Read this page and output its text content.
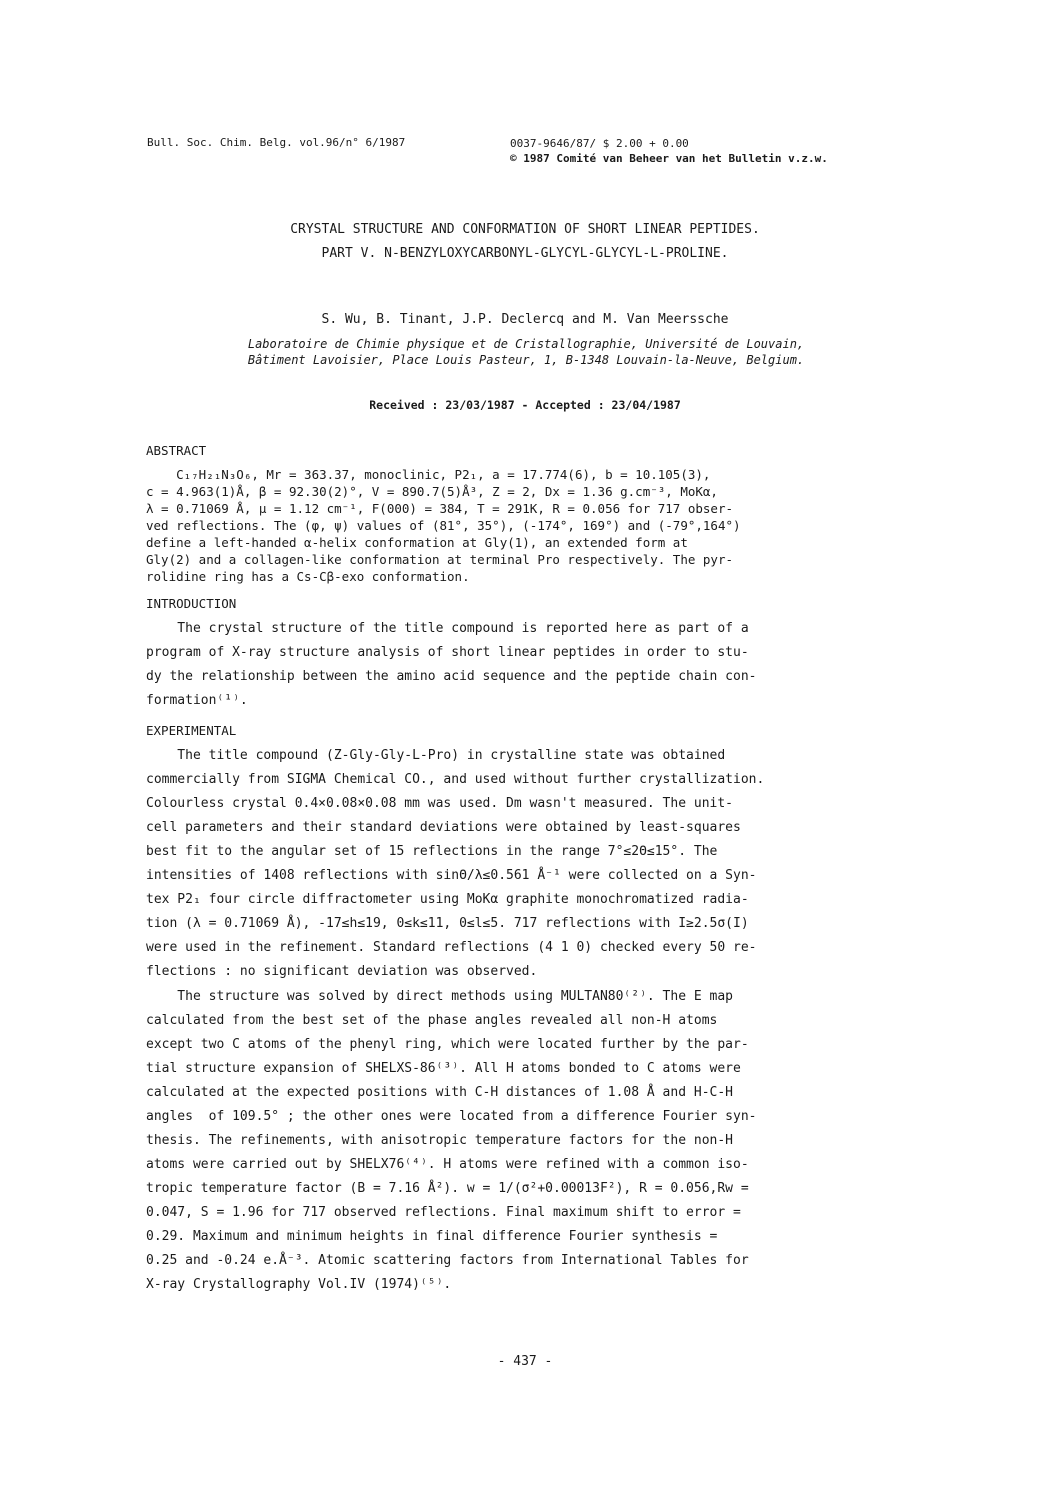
Bull. Soc. Chim. Belg. vol.96/n° 6/1987	0037-9646/87/ $ 2.00 + 0.00
© 1987 Comité van Beheer van het Bulletin v.z.w.
CRYSTAL STRUCTURE AND CONFORMATION OF SHORT LINEAR PEPTIDES.
PART V. N-BENZYLOXYCARBONYL-GLYCYL-GLYCYL-L-PROLINE.
S. Wu, B. Tinant, J.P. Declercq and M. Van Meerssche
Laboratoire de Chimie physique et de Cristallographie, Université de Louvain,
Bâtiment Lavoisier, Place Louis Pasteur, 1, B-1348 Louvain-la-Neuve, Belgium.
Received : 23/03/1987 - Accepted : 23/04/1987
ABSTRACT
C₁₇H₂₁N₃O₆, Mr = 363.37, monoclinic, P2₁, a = 17.774(6), b = 10.105(3),
c = 4.963(1)Å, β = 92.30(2)°, V = 890.7(5)Å³, Z = 2, Dx = 1.36 g.cm⁻³, MoKα,
λ = 0.71069 Å, μ = 1.12 cm⁻¹, F(000) = 384, T = 291K, R = 0.056 for 717 obser-
ved reflections. The (φ, ψ) values of (81°, 35°), (-174°, 169°) and (-79°,164°)
define a left-handed α-helix conformation at Gly(1), an extended form at
Gly(2) and a collagen-like conformation at terminal Pro respectively. The pyr-
rolidine ring has a Cs-Cβ-exo conformation.
INTRODUCTION
The crystal structure of the title compound is reported here as part of a
program of X-ray structure analysis of short linear peptides in order to stu-
dy the relationship between the amino acid sequence and the peptide chain con-
formation⁽¹⁾.
EXPERIMENTAL
The title compound (Z-Gly-Gly-L-Pro) in crystalline state was obtained
commercially from SIGMA Chemical CO., and used without further crystallization.
Colourless crystal 0.4×0.08×0.08 mm was used. Dm wasn't measured. The unit-
cell parameters and their standard deviations were obtained by least-squares
best fit to the angular set of 15 reflections in the range 7°≤2Θ≤15°. The
intensities of 1408 reflections with sinΘ/λ≤0.561 Å⁻¹ were collected on a Syn-
tex P2₁ four circle diffractometer using MoKα graphite monochromatized radia-
tion (λ = 0.71069 Å), -17≤h≤19, 0≤k≤11, 0≤l≤5. 717 reflections with I≥2.5σ(I)
were used in the refinement. Standard reflections (4 1 0) checked every 50 re-
flections : no significant deviation was observed.
The structure was solved by direct methods using MULTAN80⁽²⁾. The E map
calculated from the best set of the phase angles revealed all non-H atoms
except two C atoms of the phenyl ring, which were located further by the par-
tial structure expansion of SHELXS-86⁽³⁾. All H atoms bonded to C atoms were
calculated at the expected positions with C-H distances of 1.08 Å and H-C-H
angles  of 109.5° ; the other ones were located from a difference Fourier syn-
thesis. The refinements, with anisotropic temperature factors for the non-H
atoms were carried out by SHELX76⁽⁴⁾. H atoms were refined with a common iso-
tropic temperature factor (B = 7.16 Å²). w = 1/(σ²+0.00013F²), R = 0.056,Rw =
0.047, S = 1.96 for 717 observed reflections. Final maximum shift to error =
0.29. Maximum and minimum heights in final difference Fourier synthesis =
0.25 and -0.24 e.Å⁻³. Atomic scattering factors from International Tables for
X-ray Crystallography Vol.IV (1974)⁽⁵⁾.
- 437 -
